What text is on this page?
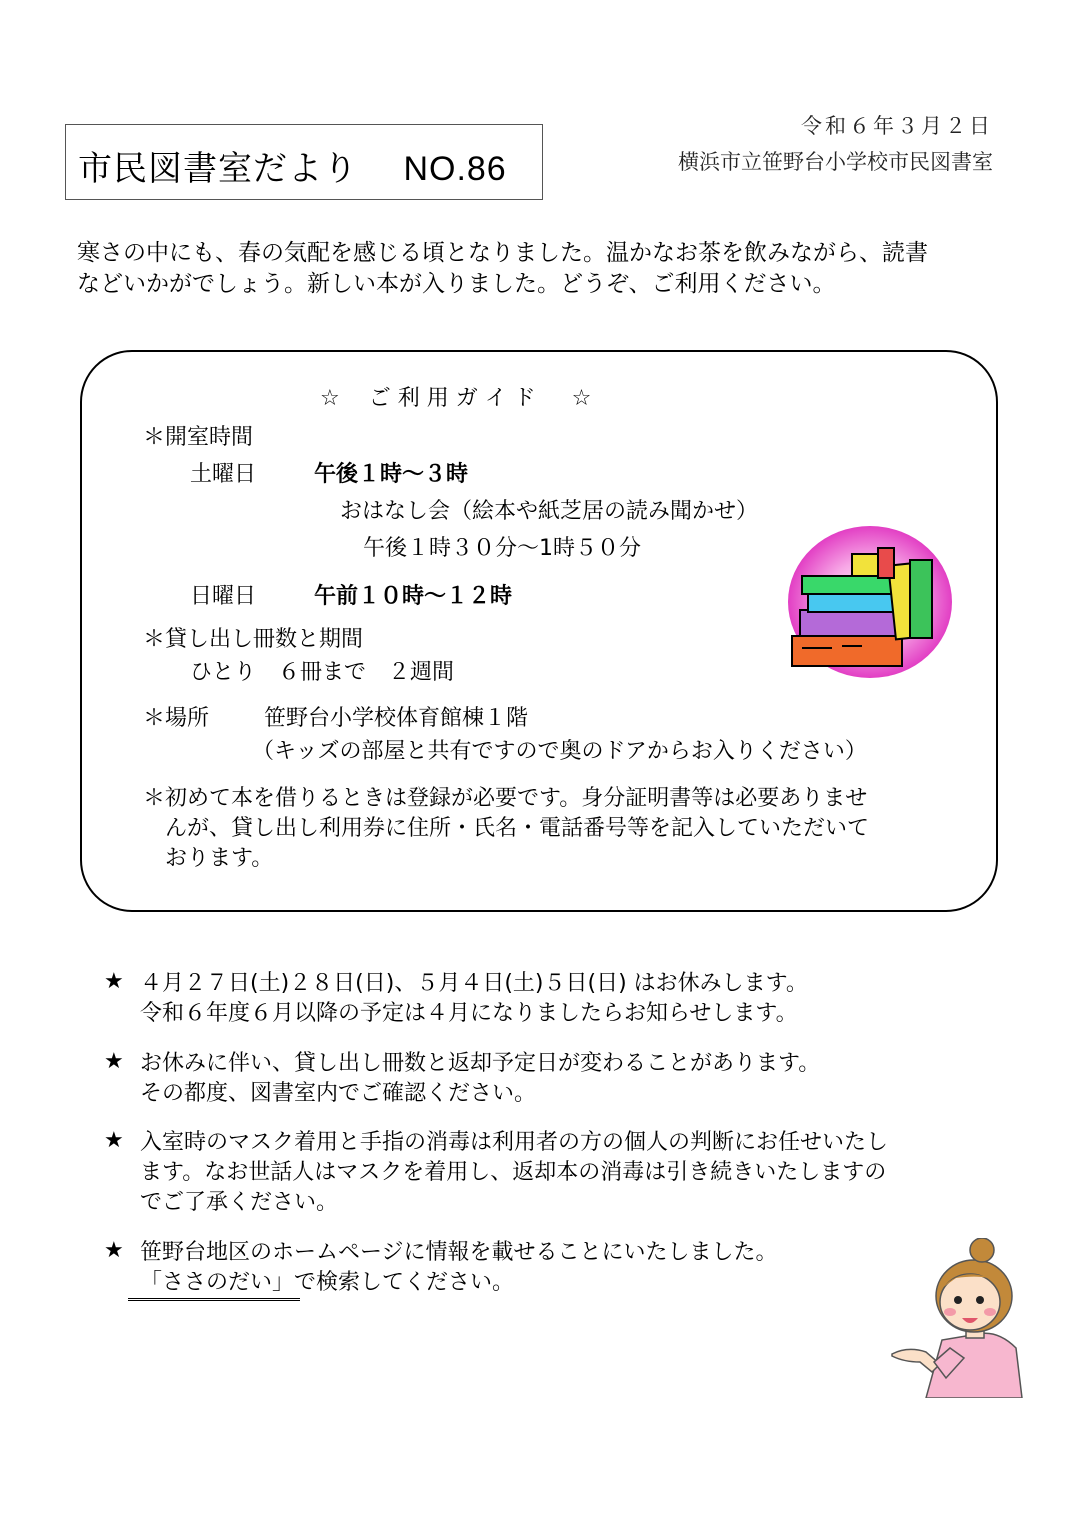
市民図書室だより　 NO.86
令和６年３月２日
横浜市立笹野台小学校市民図書室
寒さの中にも、春の気配を感じる頃となりました。温かなお茶を飲みながら、読書
などいかがでしょう。新しい本が入りました。どうぞ、ご利用ください。
☆　 ご 利 用 ガ イ ド 　 ☆
＊開室時間
土曜日	午後１時～３時
おはなし会（絵本や紙芝居の読み聞かせ）
午後１時３０分～1時５０分
日曜日	午前１０時～１２時
＊貸し出し冊数と期間
ひとり　６冊まで　２週間
＊場所 笹野台小学校体育館棟１階
（キッズの部屋と共有ですので奥のドアからお入りください）
＊初めて本を借りるときは登録が必要です。身分証明書等は必要ありませ
んが、貸し出し利用券に住所・氏名・電話番号等を記入していただいて
おります。
★ ４月２７日(土)２８日(日)、５月４日(土)５日(日) はお休みします。
令和６年度６月以降の予定は４月になりましたらお知らせします。
★ お休みに伴い、貸し出し冊数と返却予定日が変わることがあります。
その都度、図書室内でご確認ください。
★ 入室時のマスク着用と手指の消毒は利用者の方の個人の判断にお任せいたし
ます。なお世話人はマスクを着用し、返却本の消毒は引き続きいたしますの
でご了承ください。
★ 笹野台地区のホームページに情報を載せることにいたしました。
「ささのだい」で検索してください。
